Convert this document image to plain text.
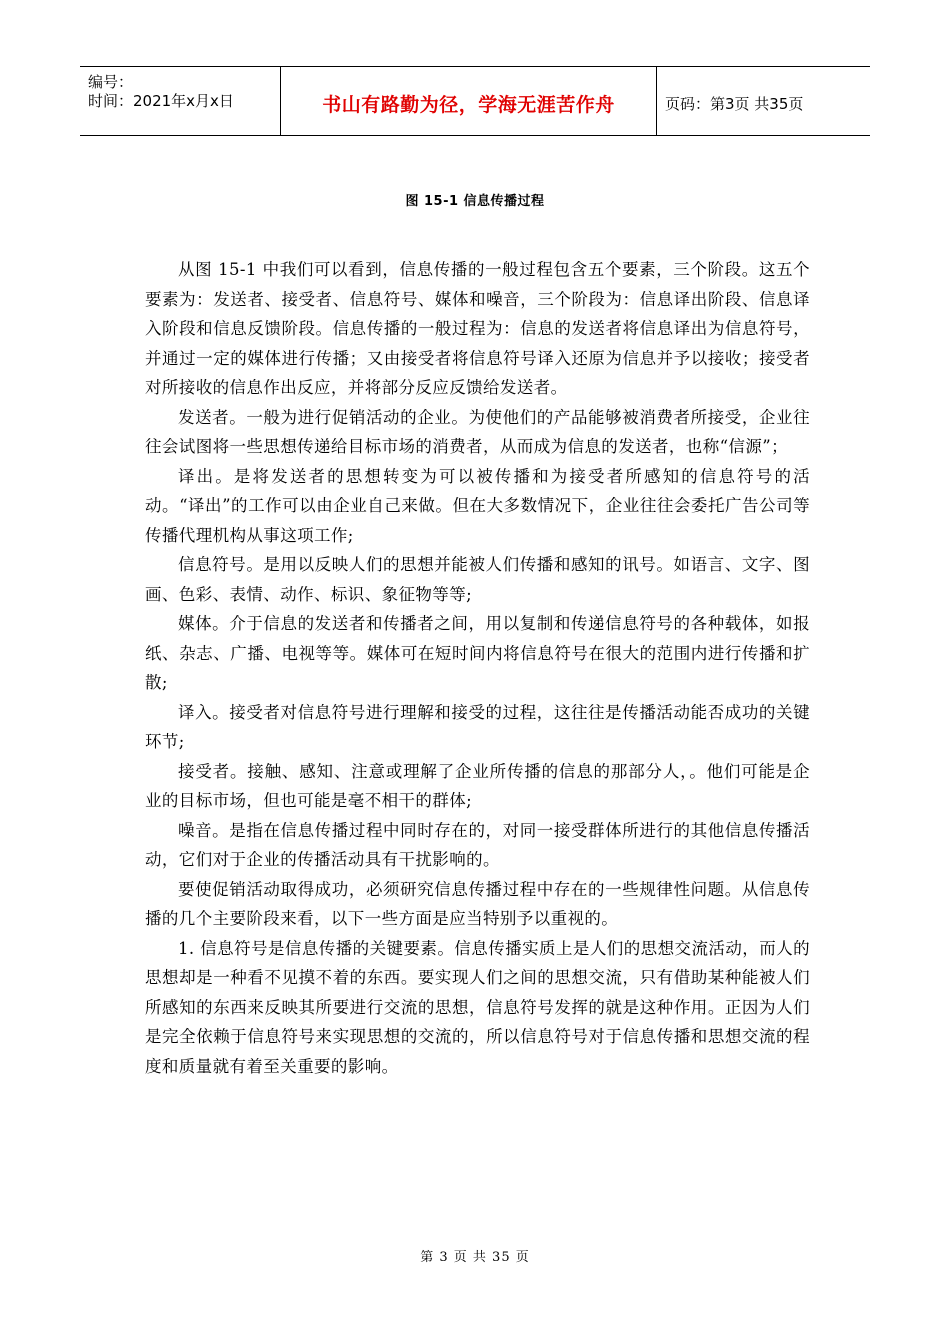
编号：
时间：2021年x月x日	书山有路勤为径，学海无涯苦作舟	页码：第3页 共35页
图 15-1 信息传播过程

从图 15-1 中我们可以看到，信息传播的一般过程包含五个要素，三个阶段。这五个要素为：发送者、接受者、信息符号、媒体和噪音，三个阶段为：信息译出阶段、信息译入阶段和信息反馈阶段。信息传播的一般过程为：信息的发送者将信息译出为信息符号，并通过一定的媒体进行传播；又由接受者将信息符号译入还原为信息并予以接收；接受者对所接收的信息作出反应，并将部分反应反馈给发送者。

发送者。一般为进行促销活动的企业。为使他们的产品能够被消费者所接受，企业往往会试图将一些思想传递给目标市场的消费者，从而成为信息的发送者，也称“信源”；

译出。是将发送者的思想转变为可以被传播和为接受者所感知的信息符号的活动。“译出”的工作可以由企业自己来做。但在大多数情况下，企业往往会委托广告公司等传播代理机构从事这项工作;

信息符号。是用以反映人们的思想并能被人们传播和感知的讯号。如语言、文字、图画、色彩、表情、动作、标识、象征物等等;

媒体。介于信息的发送者和传播者之间，用以复制和传递信息符号的各种载体，如报纸、杂志、广播、电视等等。媒体可在短时间内将信息符号在很大的范围内进行传播和扩散;

译入。接受者对信息符号进行理解和接受的过程，这往往是传播活动能否成功的关键环节;

接受者。接触、感知、注意或理解了企业所传播的信息的那部分人，。他们可能是企业的目标市场，但也可能是毫不相干的群体;

噪音。是指在信息传播过程中同时存在的，对同一接受群体所进行的其他信息传播活动，它们对于企业的传播活动具有干扰影响的。

要使促销活动取得成功，必须研究信息传播过程中存在的一些规律性问题。从信息传播的几个主要阶段来看，以下一些方面是应当特别予以重视的。

1. 信息符号是信息传播的关键要素。信息传播实质上是人们的思想交流活动，而人的思想却是一种看不见摸不着的东西。要实现人们之间的思想交流，只有借助某种能被人们所感知的东西来反映其所要进行交流的思想，信息符号发挥的就是这种作用。正因为人们是完全依赖于信息符号来实现思想的交流的，所以信息符号对于信息传播和思想交流的程度和质量就有着至关重要的影响。

第 3 页 共 35 页
